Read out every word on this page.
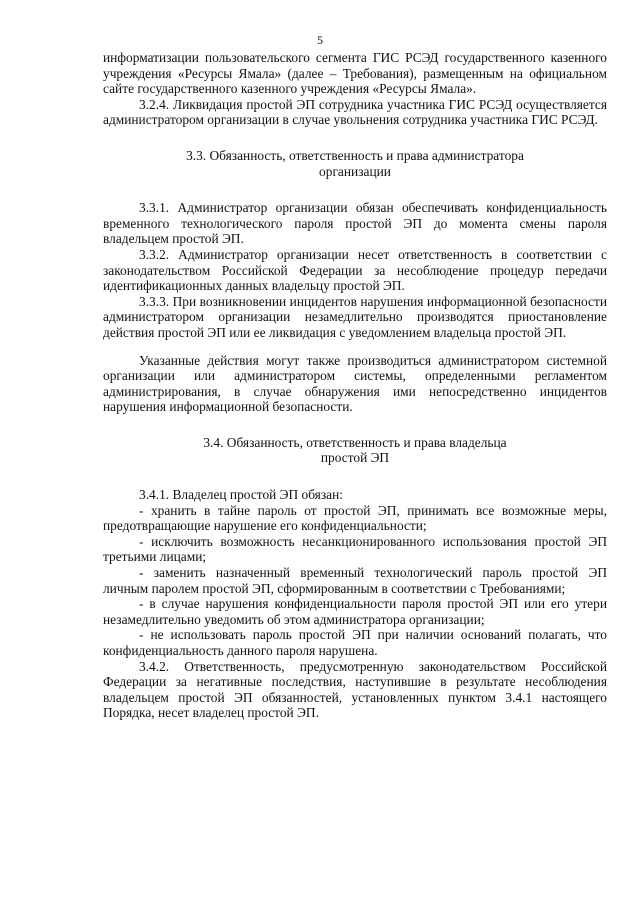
5

информатизации пользовательского сегмента ГИС РСЭД государственного казенного учреждения «Ресурсы Ямала» (далее – Требования), размещенным на официальном сайте государственного казенного учреждения «Ресурсы Ямала».

3.2.4. Ликвидация простой ЭП сотрудника участника ГИС РСЭД осуществляется администратором организации в случае увольнения сотрудника участника ГИС РСЭД.

3.3. Обязанность, ответственность и права администратора
организации

3.3.1. Администратор организации обязан обеспечивать конфиденциальность временного технологического пароля простой ЭП до момента смены пароля владельцем простой ЭП.

3.3.2. Администратор организации несет ответственность в соответствии с законодательством Российской Федерации за несоблюдение процедур передачи идентификационных данных владельцу простой ЭП.

3.3.3. При возникновении инцидентов нарушения информационной безопасности администратором организации незамедлительно производятся приостановление действия простой ЭП или ее ликвидация с уведомлением владельца простой ЭП.

Указанные действия могут также производиться администратором системной организации или администратором системы, определенными регламентом администрирования, в случае обнаружения ими непосредственно инцидентов нарушения информационной безопасности.

3.4. Обязанность, ответственность и права владельца
простой ЭП

3.4.1. Владелец простой ЭП обязан:

- хранить в тайне пароль от простой ЭП, принимать все возможные меры, предотвращающие нарушение его конфиденциальности;

- исключить возможность несанкционированного использования простой ЭП третьими лицами;

- заменить назначенный временный технологический пароль простой ЭП личным паролем простой ЭП, сформированным в соответствии с Требованиями;

- в случае нарушения конфиденциальности пароля простой ЭП или его утери незамедлительно уведомить об этом администратора организации;

- не использовать пароль простой ЭП при наличии оснований полагать, что конфиденциальность данного пароля нарушена.

3.4.2. Ответственность, предусмотренную законодательством Российской Федерации за негативные последствия, наступившие в результате несоблюдения владельцем простой ЭП обязанностей, установленных пунктом 3.4.1 настоящего Порядка, несет владелец простой ЭП.
